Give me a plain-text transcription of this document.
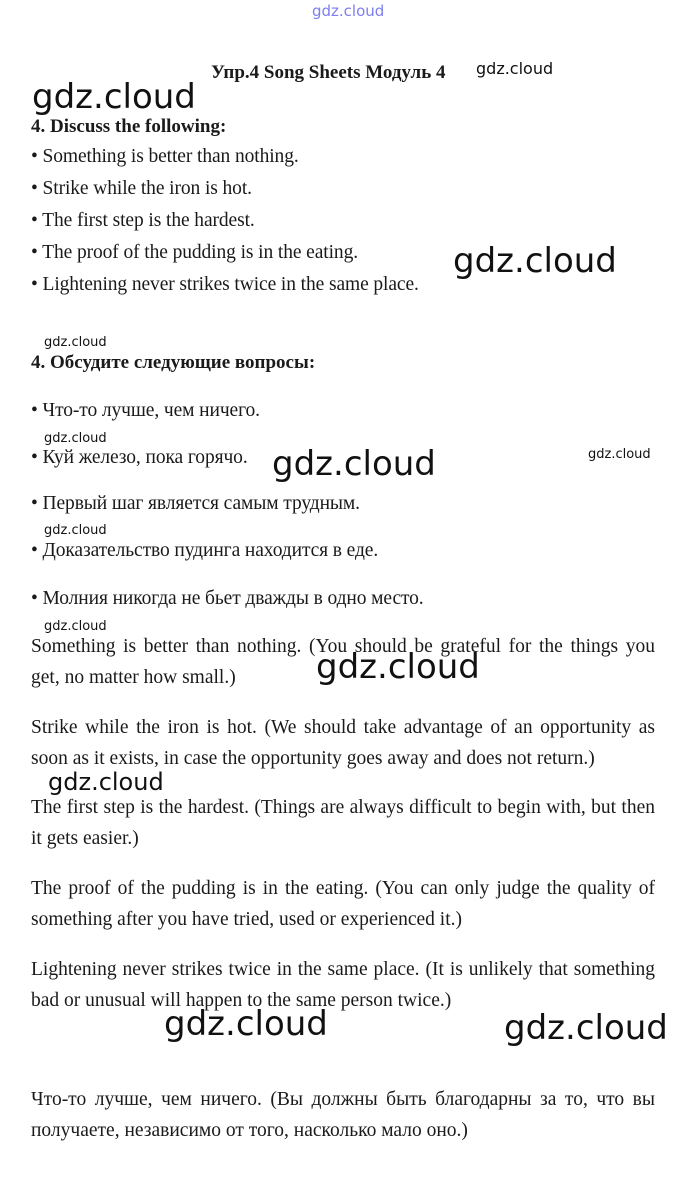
gdz.cloud
Упр.4 Song Sheets Модуль 4 gdz.cloud
gdz.cloud
4. Discuss the following:
• Something is better than nothing.
• Strike while the iron is hot.
• The first step is the hardest.
• The proof of the pudding is in the eating.
• Lightening never strikes twice in the same place.
gdz.cloud
gdz.cloud
4. Обсудите следующие вопросы:
• Что-то лучше, чем ничего.
gdz.cloud
• Куй железо, пока горячо. gdz.cloud	gdz.cloud
• Первый шаг является самым трудным.
gdz.cloud
• Доказательство пудинга находится в еде.
• Молния никогда не бьет дважды в одно место.
gdz.cloud
Something is better than nothing. (You should be grateful for the things you get, no matter how small.)	gdz.cloud
Strike while the iron is hot. (We should take advantage of an opportunity as soon as it exists, in case the opportunity goes away and does not return.)
gdz.cloud
The first step is the hardest. (Things are always difficult to begin with, but then it gets easier.)
The proof of the pudding is in the eating. (You can only judge the quality of something after you have tried, used or experienced it.)
Lightening never strikes twice in the same place. (It is unlikely that something bad or unusual will happen to the same person twice.)
gdz.cloud	gdz.cloud
Что-то лучше, чем ничего. (Вы должны быть благодарны за то, что вы получаете, независимо от того, насколько мало оно.)
